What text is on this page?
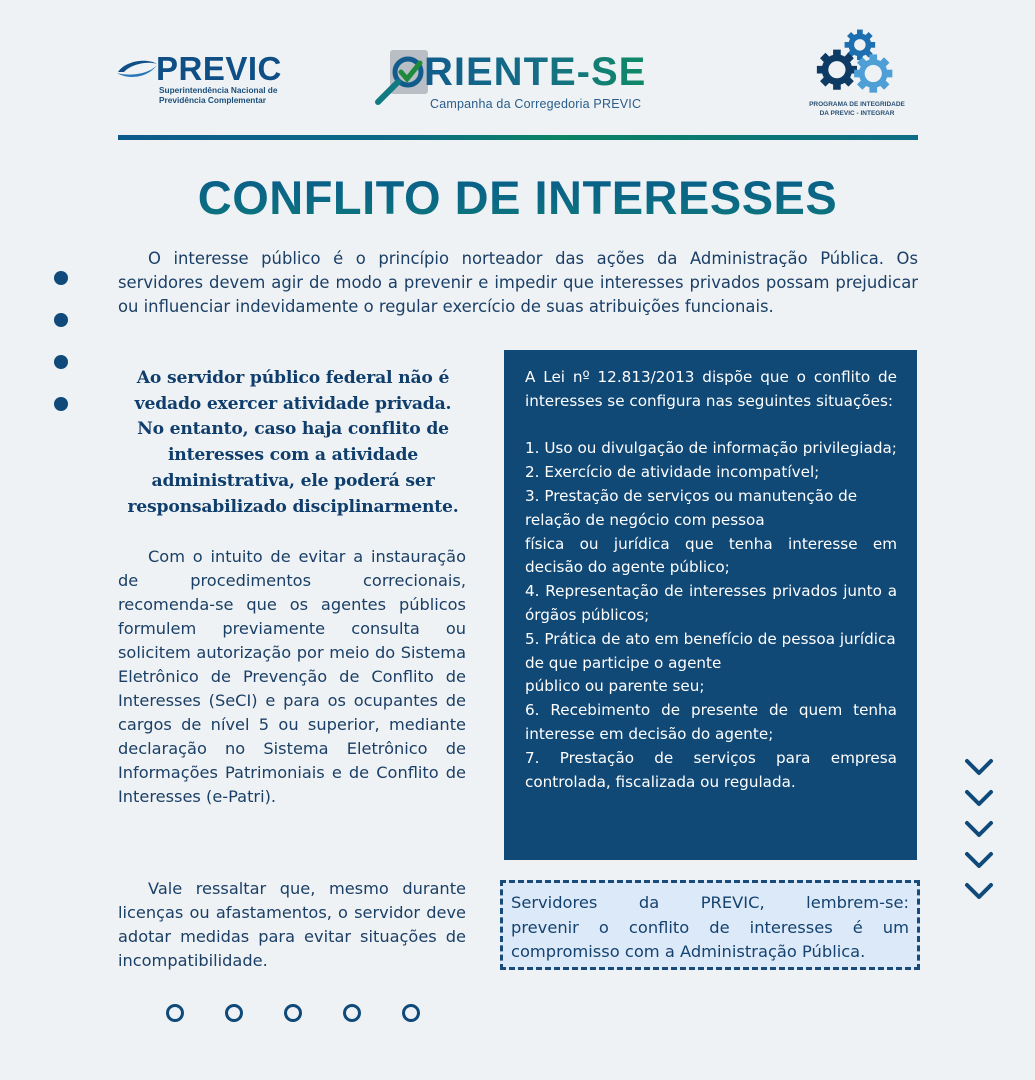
PREVIC
Superintendência Nacional de
Previdência Complementar
RIENTE-SE
Campanha da Corregedoria PREVIC	PROGRAMA DE INTEGRIDADE
DA PREVIC - INTEGRAR
CONFLITO DE INTERESSES

O interesse público é o princípio norteador das ações da Administração Pública. Os servidores devem agir de modo a prevenir e impedir que interesses privados possam prejudicar ou influenciar indevidamente o regular exercício de suas atribuições funcionais.

Ao servidor público federal não é
vedado exercer atividade privada.
No entanto, caso haja conflito de
interesses com a atividade
administrativa, ele poderá ser
responsabilizado disciplinarmente.

Com o intuito de evitar a instauração de procedimentos correcionais, recomenda-se que os agentes públicos formulem previamente consulta ou solicitem autorização por meio do Sistema Eletrônico de Prevenção de Conflito de Interesses (SeCI) e para os ocupantes de cargos de nível 5 ou superior, mediante declaração no Sistema Eletrônico de Informações Patrimoniais e de Conflito de Interesses (e-Patri).

Vale ressaltar que, mesmo durante licenças ou afastamentos, o servidor deve adotar medidas para evitar situações de incompatibilidade.

A Lei nº 12.813/2013 dispõe que o conflito de interesses se configura nas seguintes situações:

1. Uso ou divulgação de informação privilegiada;
2. Exercício de atividade incompatível;
3. Prestação de serviços ou manutenção de relação de negócio com pessoa
física ou jurídica que tenha interesse em decisão do agente público;
4. Representação de interesses privados junto a órgãos públicos;
5. Prática de ato em benefício de pessoa jurídica de que participe o agente
público ou parente seu;
6. Recebimento de presente de quem tenha interesse em decisão do agente;
7. Prestação de serviços para empresa controlada, fiscalizada ou regulada.
Servidores da PREVIC, lembrem-se:
prevenir o conflito de interesses é um
compromisso com a Administração Pública.
